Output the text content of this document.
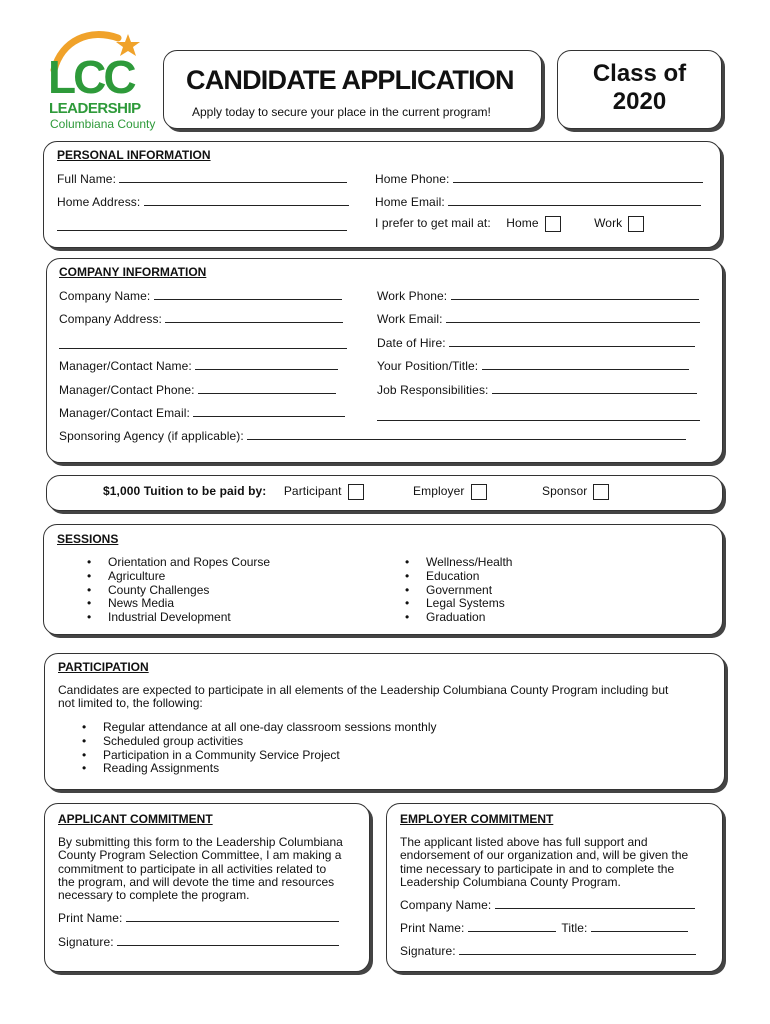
LCC
LEADERSHIP
Columbiana County
CANDIDATE APPLICATION
Apply today to secure your place in the current program!
Class of
2020
PERSONAL INFORMATION
Full Name:
Home Address:
Home Phone:
Home Email:
I prefer to get mail at: Home	Work
COMPANY INFORMATION
Company Name:
Company Address:
Manager/Contact Name:
Manager/Contact Phone:
Manager/Contact Email:
Work Phone:
Work Email:
Date of Hire:
Your Position/Title:
Job Responsibilities:
Sponsoring Agency (if applicable):
$1,000 Tuition to be paid by: Participant	Employer	Sponsor
SESSIONS
• Orientation and Ropes Course
• Agriculture
• County Challenges
• News Media
• Industrial Development
• Wellness/Health
• Education
• Government
• Legal Systems
• Graduation
PARTICIPATION
Candidates are expected to participate in all elements of the Leadership Columbiana County Program including but
not limited to, the following:
• Regular attendance at all one-day classroom sessions monthly
• Scheduled group activities
• Participation in a Community Service Project
• Reading Assignments
APPLICANT COMMITMENT
By submitting this form to the Leadership Columbiana
County Program Selection Committee, I am making a
commitment to participate in all activities related to
the program, and will devote the time and resources
necessary to complete the program.
Print Name:
Signature:
EMPLOYER COMMITMENT
The applicant listed above has full support and
endorsement of our organization and, will be given the
time necessary to participate in and to complete the
Leadership Columbiana County Program.
Company Name:
Print Name:	Title:
Signature:
